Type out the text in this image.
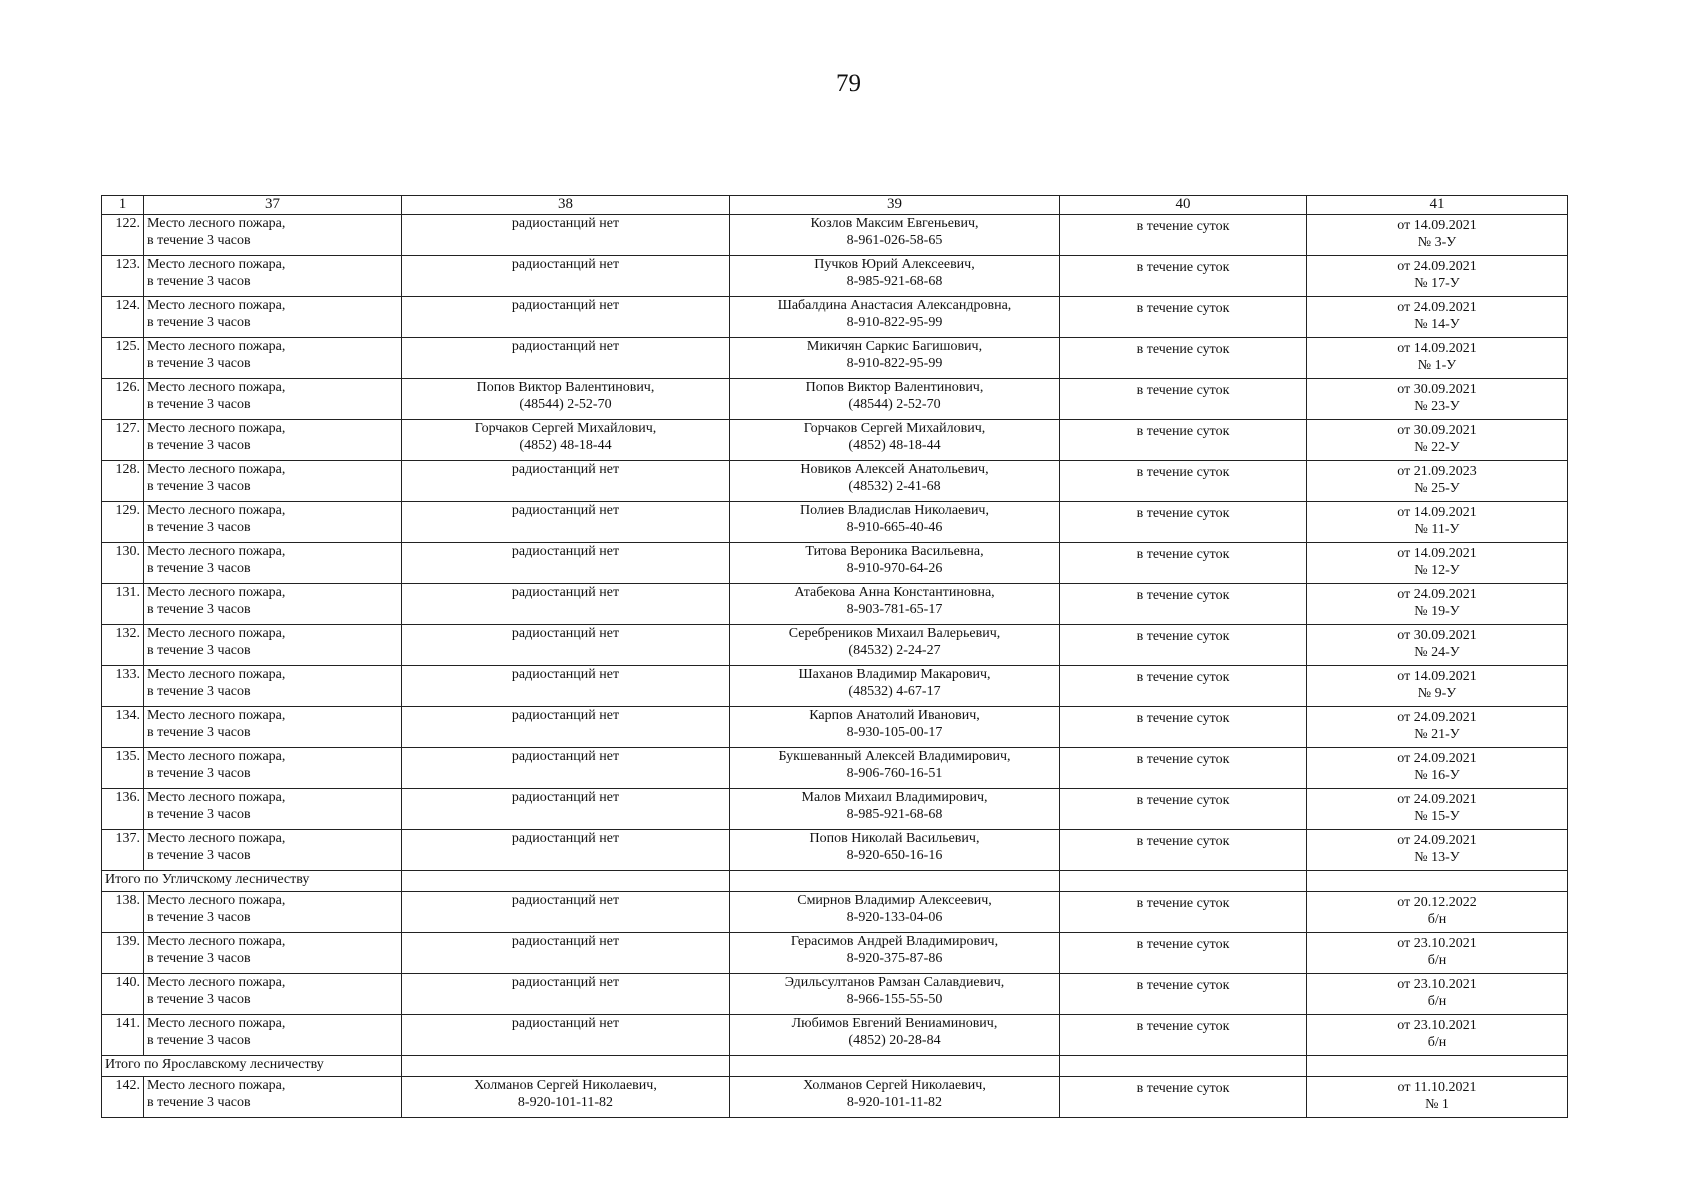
79
1	37	38	39	40	41

122.	Место лесного пожара,
в течение 3 часов	радиостанций нет	Козлов Максим Евгеньевич,
8-961-026-58-65	в течение суток	от 14.09.2021
№ 3-У

123.	Место лесного пожара,
в течение 3 часов	радиостанций нет	Пучков Юрий Алексеевич,
8-985-921-68-68	в течение суток	от 24.09.2021
№ 17-У

124.	Место лесного пожара,
в течение 3 часов	радиостанций нет	Шабалдина Анастасия Александровна,
8-910-822-95-99	в течение суток	от 24.09.2021
№ 14-У

125.	Место лесного пожара,
в течение 3 часов	радиостанций нет	Микичян Саркис Багишович,
8-910-822-95-99	в течение суток	от 14.09.2021
№ 1-У

126.	Место лесного пожара,
в течение 3 часов	Попов Виктор Валентинович,
(48544) 2-52-70	Попов Виктор Валентинович,
(48544) 2-52-70	в течение суток	от 30.09.2021
№ 23-У

127.	Место лесного пожара,
в течение 3 часов	Горчаков Сергей Михайлович,
(4852) 48-18-44	Горчаков Сергей Михайлович,
(4852) 48-18-44	в течение суток	от 30.09.2021
№ 22-У

128.	Место лесного пожара,
в течение 3 часов	радиостанций нет	Новиков Алексей Анатольевич,
(48532) 2-41-68	в течение суток	от 21.09.2023
№ 25-У

129.	Место лесного пожара,
в течение 3 часов	радиостанций нет	Полиев Владислав Николаевич,
8-910-665-40-46	в течение суток	от 14.09.2021
№ 11-У

130.	Место лесного пожара,
в течение 3 часов	радиостанций нет	Титова Вероника Васильевна,
8-910-970-64-26	в течение суток	от 14.09.2021
№ 12-У

131.	Место лесного пожара,
в течение 3 часов	радиостанций нет	Атабекова Анна Константиновна,
8-903-781-65-17	в течение суток	от 24.09.2021
№ 19-У

132.	Место лесного пожара,
в течение 3 часов	радиостанций нет	Серебреников Михаил Валерьевич,
(84532) 2-24-27	в течение суток	от 30.09.2021
№ 24-У

133.	Место лесного пожара,
в течение 3 часов	радиостанций нет	Шаханов Владимир Макарович,
(48532) 4-67-17	в течение суток	от 14.09.2021
№ 9-У

134.	Место лесного пожара,
в течение 3 часов	радиостанций нет	Карпов Анатолий Иванович,
8-930-105-00-17	в течение суток	от 24.09.2021
№ 21-У

135.	Место лесного пожара,
в течение 3 часов	радиостанций нет	Букшеванный Алексей Владимирович,
8-906-760-16-51	в течение суток	от 24.09.2021
№ 16-У

136.	Место лесного пожара,
в течение 3 часов	радиостанций нет	Малов Михаил Владимирович,
8-985-921-68-68	в течение суток	от 24.09.2021
№ 15-У

137.	Место лесного пожара,
в течение 3 часов	радиостанций нет	Попов Николай Васильевич,
8-920-650-16-16	в течение суток	от 24.09.2021
№ 13-У

Итого по Угличскому лесничеству					

138.	Место лесного пожара,
в течение 3 часов	радиостанций нет	Смирнов Владимир Алексеевич,
8-920-133-04-06	в течение суток	от 20.12.2022
б/н

139.	Место лесного пожара,
в течение 3 часов	радиостанций нет	Герасимов Андрей Владимирович,
8-920-375-87-86	в течение суток	от 23.10.2021
б/н

140.	Место лесного пожара,
в течение 3 часов	радиостанций нет	Эдильсултанов Рамзан Салавдиевич,
8-966-155-55-50	в течение суток	от 23.10.2021
б/н

141.	Место лесного пожара,
в течение 3 часов	радиостанций нет	Любимов Евгений Вениаминович,
(4852) 20-28-84	в течение суток	от 23.10.2021
б/н

Итого по Ярославскому лесничеству					

142.	Место лесного пожара,
в течение 3 часов	Холманов Сергей Николаевич,
8-920-101-11-82	Холманов Сергей Николаевич,
8-920-101-11-82	в течение суток	от 11.10.2021
№ 1
